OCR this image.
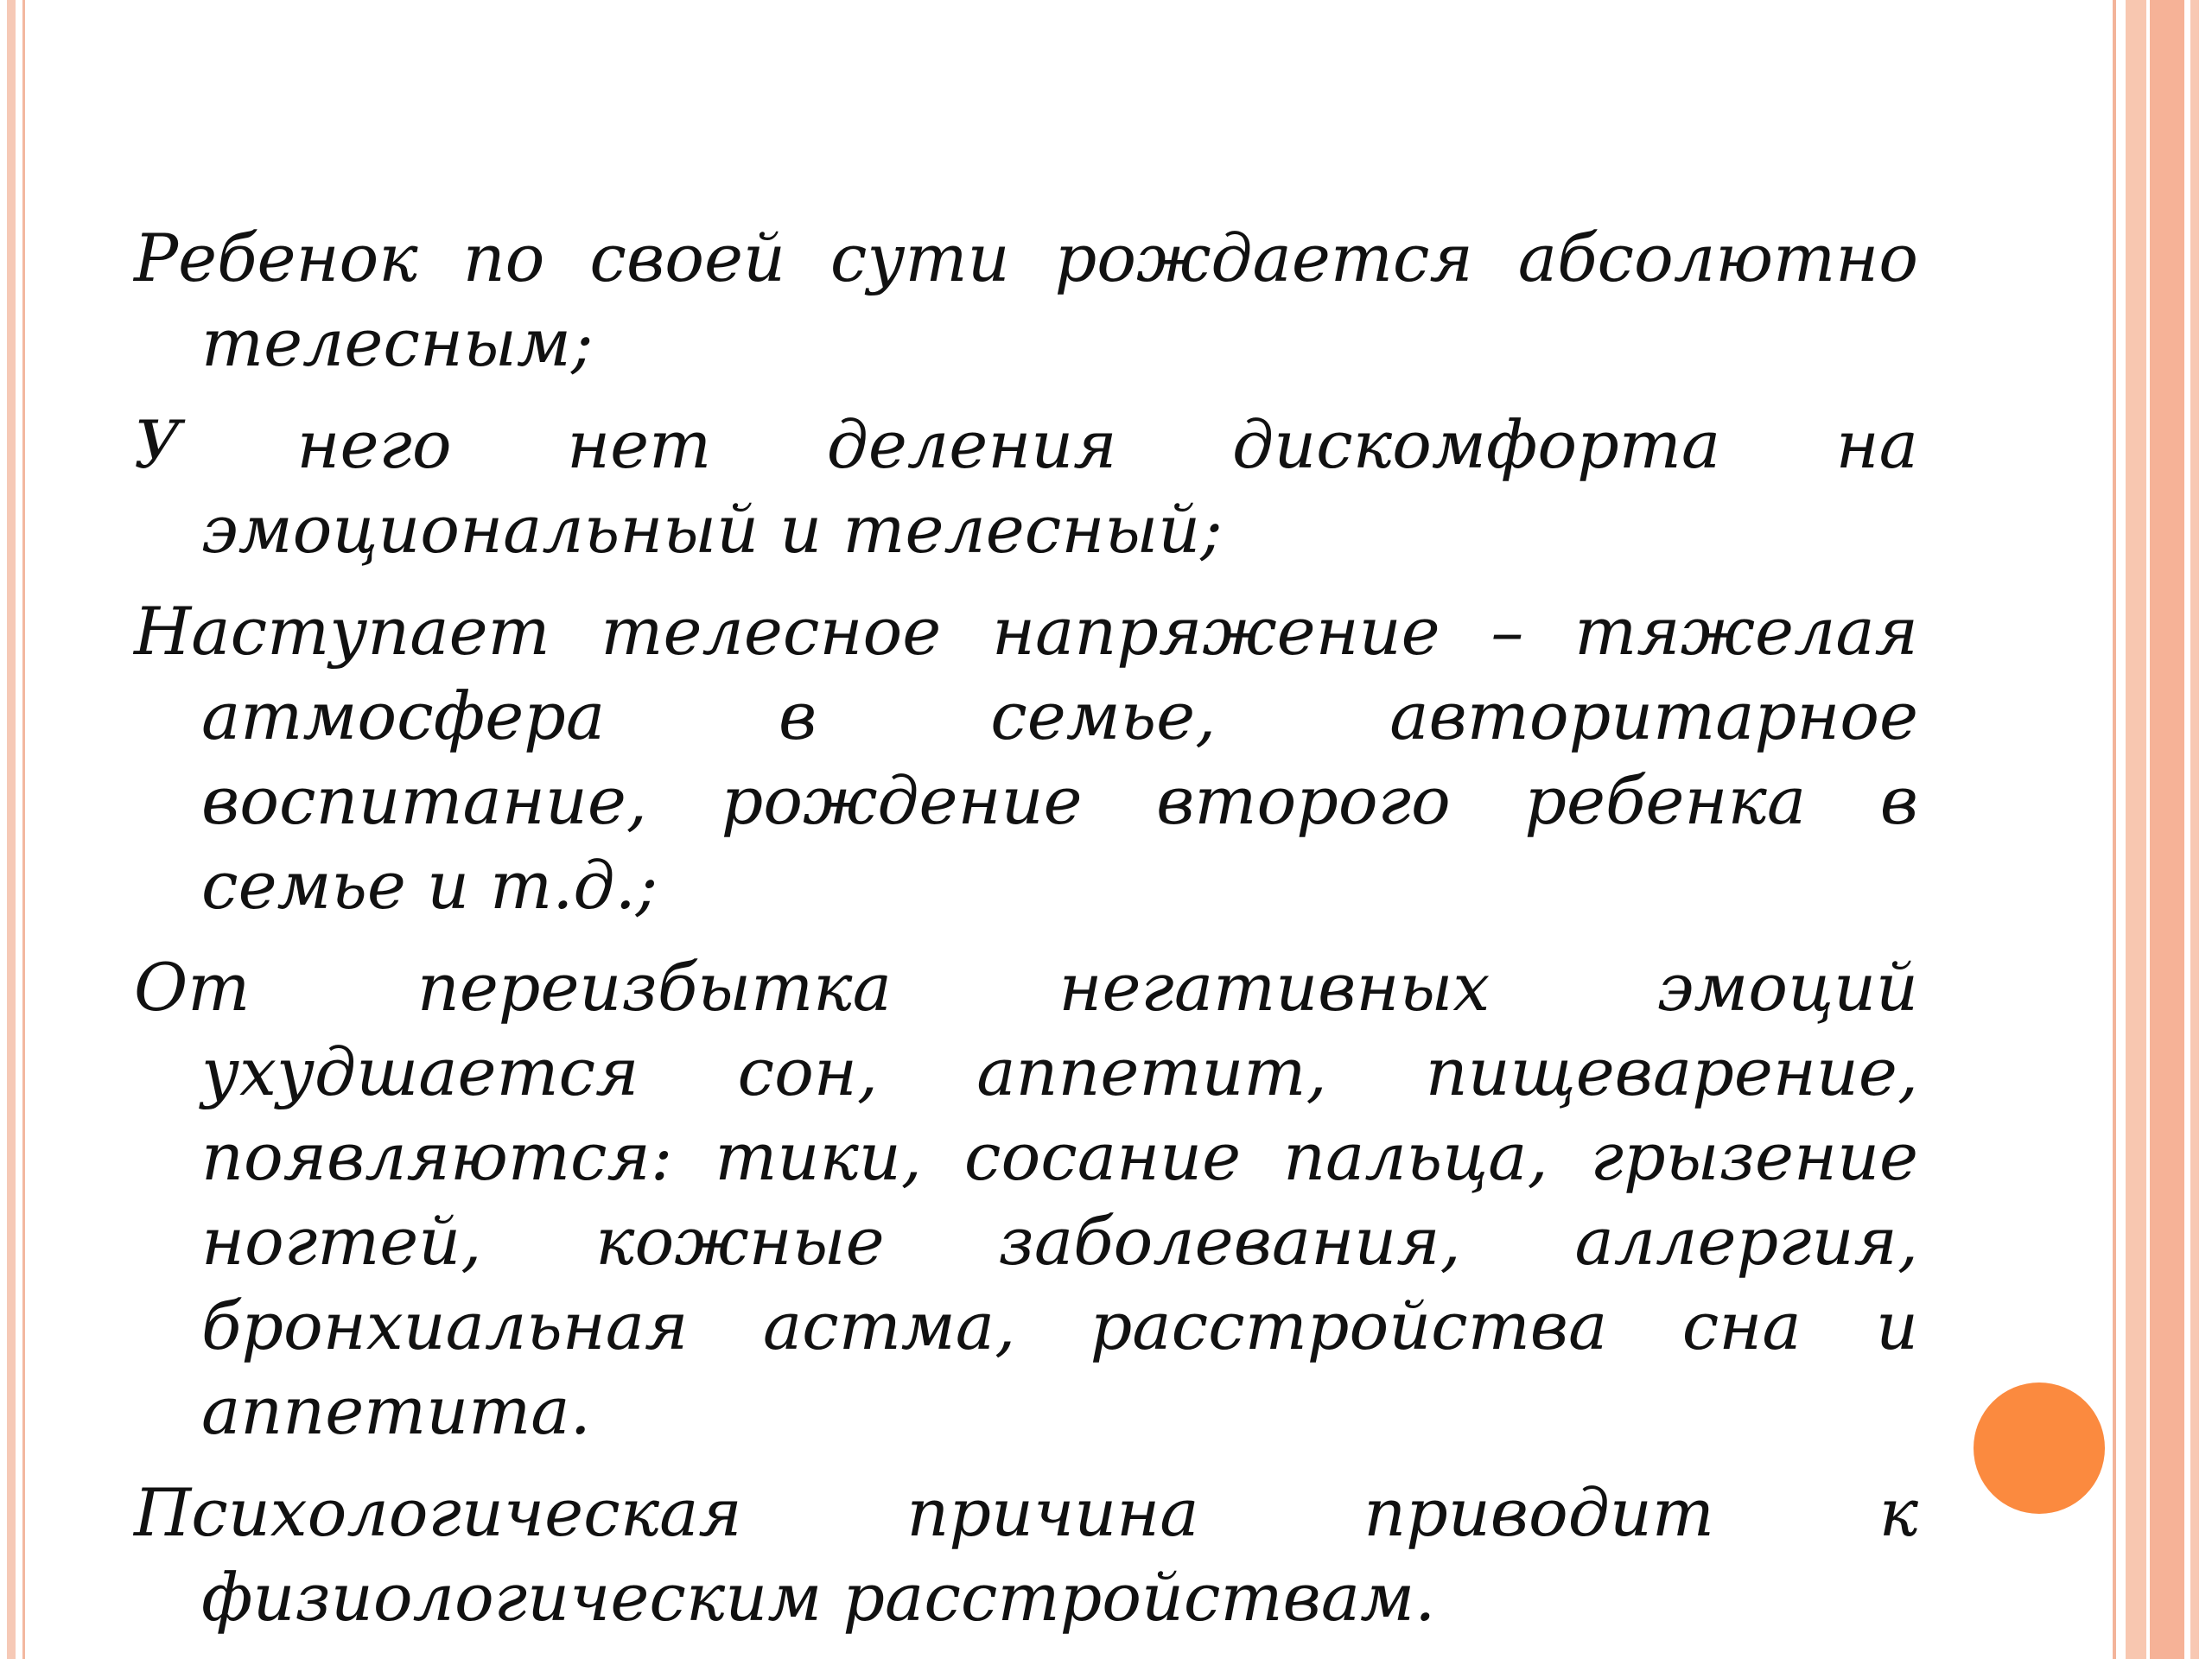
Ребенок по своей сути рождается абсолютно телесным;

У него нет деления дискомфорта на эмоциональный и телесный;

Наступает телесное напряжение – тяжелая атмосфера в семье, авторитарное воспитание, рождение второго ребенка в семье и т.д.;

От переизбытка негативных эмоций ухудшается сон, аппетит, пищеварение, появляются: тики, сосание пальца, грызение ногтей, кожные заболевания, аллергия, бронхиальная астма, расстройства сна и аппетита.

Психологическая причина приводит к физиологическим расстройствам.
